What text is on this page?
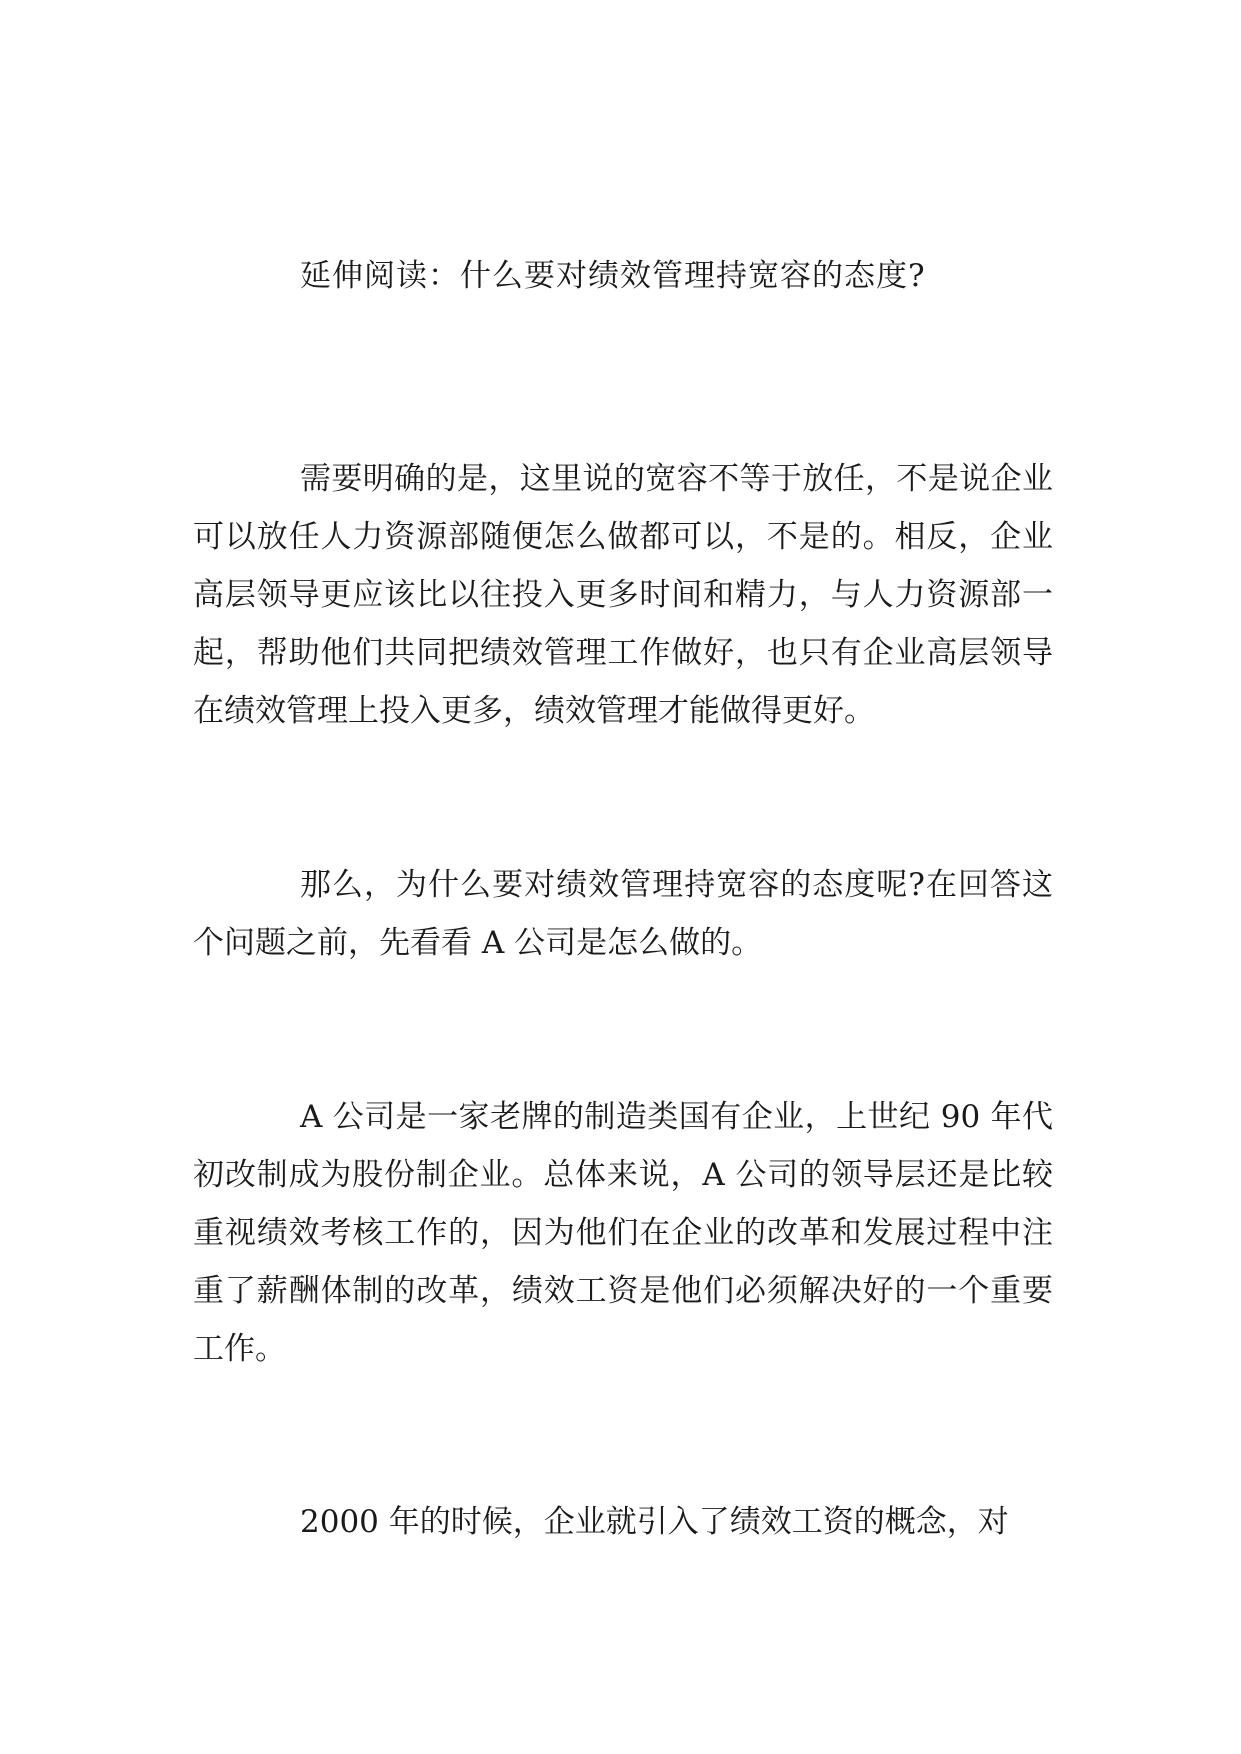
延伸阅读：什么要对绩效管理持宽容的态度?

需要明确的是，这里说的宽容不等于放任，不是说企业可以放任人力资源部随便怎么做都可以，不是的。相反，企业高层领导更应该比以往投入更多时间和精力，与人力资源部一起，帮助他们共同把绩效管理工作做好，也只有企业高层领导在绩效管理上投入更多，绩效管理才能做得更好。

那么，为什么要对绩效管理持宽容的态度呢?在回答这个问题之前，先看看 A 公司是怎么做的。

A 公司是一家老牌的制造类国有企业，上世纪 90 年代初改制成为股份制企业。总体来说，A 公司的领导层还是比较重视绩效考核工作的，因为他们在企业的改革和发展过程中注重了薪酬体制的改革，绩效工资是他们必须解决好的一个重要工作。

2000 年的时候，企业就引入了绩效工资的概念，对
